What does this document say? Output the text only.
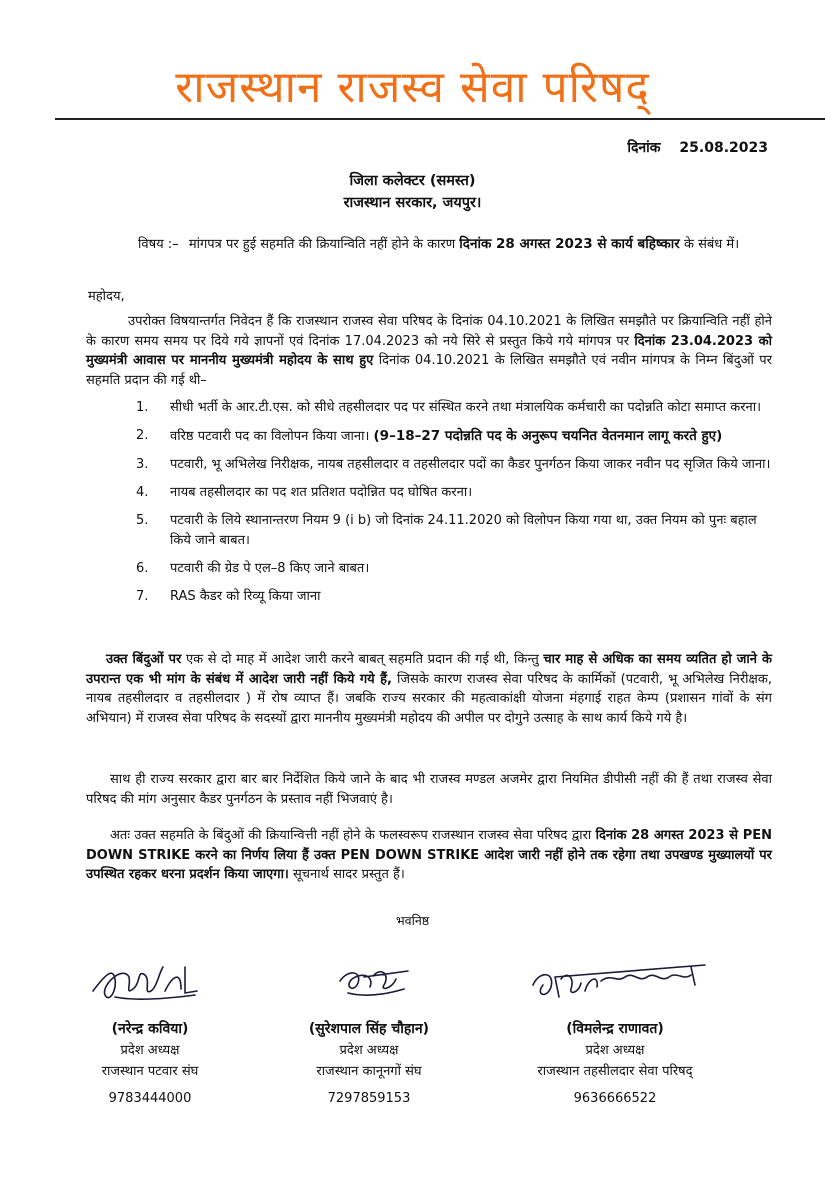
राजस्थान राजस्व सेवा परिषद्
दिनांक 25.08.2023
जिला कलेक्टर (समस्त)
राजस्थान सरकार, जयपुर।
विषय :– मांगपत्र पर हुई सहमति की क्रियान्विति नहीं होने के कारण दिनांक 28 अगस्त 2023 से कार्य बहिष्कार के संबंध में।
महोदय,
उपरोक्त विषयान्तर्गत निवेदन हैं कि राजस्थान राजस्व सेवा परिषद के दिनांक 04.10.2021 के लिखित समझौते पर क्रियान्विति नहीं होने के कारण समय समय पर दिये गये ज्ञापनों एवं दिनांक 17.04.2023 को नये सिरे से प्रस्तुत किये गये मांगपत्र पर दिनांक 23.04.2023 को मुख्यमंत्री आवास पर माननीय मुख्यमंत्री महोदय के साथ हुए दिनांक 04.10.2021 के लिखित समझौते एवं नवीन मांगपत्र के निम्न बिंदुओं पर सहमति प्रदान की गई थी–
1. सीधी भर्ती के आर.टी.एस. को सीधे तहसीलदार पद पर संस्थित करने तथा मंत्रालयिक कर्मचारी का पदोन्नति कोटा समाप्त करना।
2. वरिष्ठ पटवारी पद का विलोपन किया जाना। (9–18–27 पदोन्नति पद के अनुरूप चयनित वेतनमान लागू करते हुए)
3. पटवारी, भू अभिलेख निरीक्षक, नायब तहसीलदार व तहसीलदार पदों का कैडर पुनर्गठन किया जाकर नवीन पद सृजित किये जाना।
4. नायब तहसीलदार का पद शत प्रतिशत पदोन्नित पद घोषित करना।
5. पटवारी के लिये स्थानान्तरण नियम 9 (i b) जो दिनांक 24.11.2020 को विलोपन किया गया था, उक्त नियम को पुनः बहाल किये जाने बाबत।
6. पटवारी की ग्रेड पे एल–8 किए जाने बाबत।
7. RAS कैडर को रिव्यू किया जाना
उक्त बिंदुओं पर एक से दो माह में आदेश जारी करने बाबत् सहमति प्रदान की गई थी, किन्तु चार माह से अधिक का समय व्यतित हो जाने के उपरान्त एक भी मांग के संबंध में आदेश जारी नहीं किये गये हैं, जिसके कारण राजस्व सेवा परिषद के कार्मिकों (पटवारी, भू अभिलेख निरीक्षक, नायब तहसीलदार व तहसीलदार ) में रोष व्याप्त हैं। जबकि राज्य सरकार की महत्वाकांक्षी योजना मंहगाई राहत केम्प (प्रशासन गांवों के संग अभियान) में राजस्व सेवा परिषद के सदस्यों द्वारा माननीय मुख्यमंत्री महोदय की अपील पर दोगुने उत्साह के साथ कार्य किये गये है।
साथ ही राज्य सरकार द्वारा बार बार निर्देशित किये जाने के बाद भी राजस्व मण्डल अजमेर द्वारा नियमित डीपीसी नहीं की हैं तथा राजस्व सेवा परिषद की मांग अनुसार कैडर पुनर्गठन के प्रस्ताव नहीं भिजवाएं है।
अतः उक्त सहमति के बिंदुओं की क्रियान्वित्ती नहीं होने के फलस्वरूप राजस्थान राजस्व सेवा परिषद द्वारा दिनांक 28 अगस्त 2023 से PEN DOWN STRIKE करने का निर्णय लिया हैं उक्त PEN DOWN STRIKE आदेश जारी नहीं होने तक रहेगा तथा उपखण्ड मुख्यालयों पर उपस्थित रहकर धरना प्रदर्शन किया जाएगा। सूचनार्थ सादर प्रस्तुत हैं।
भवनिष्ठ
(नरेन्द्र कविया)
प्रदेश अध्यक्ष
राजस्थान पटवार संघ
9783444000
(सुरेशपाल सिंह चौहान)
प्रदेश अध्यक्ष
राजस्थान कानूनगों संघ
7297859153
(विमलेन्द्र राणावत)
प्रदेश अध्यक्ष
राजस्थान तहसीलदार सेवा परिषद्
9636666522
